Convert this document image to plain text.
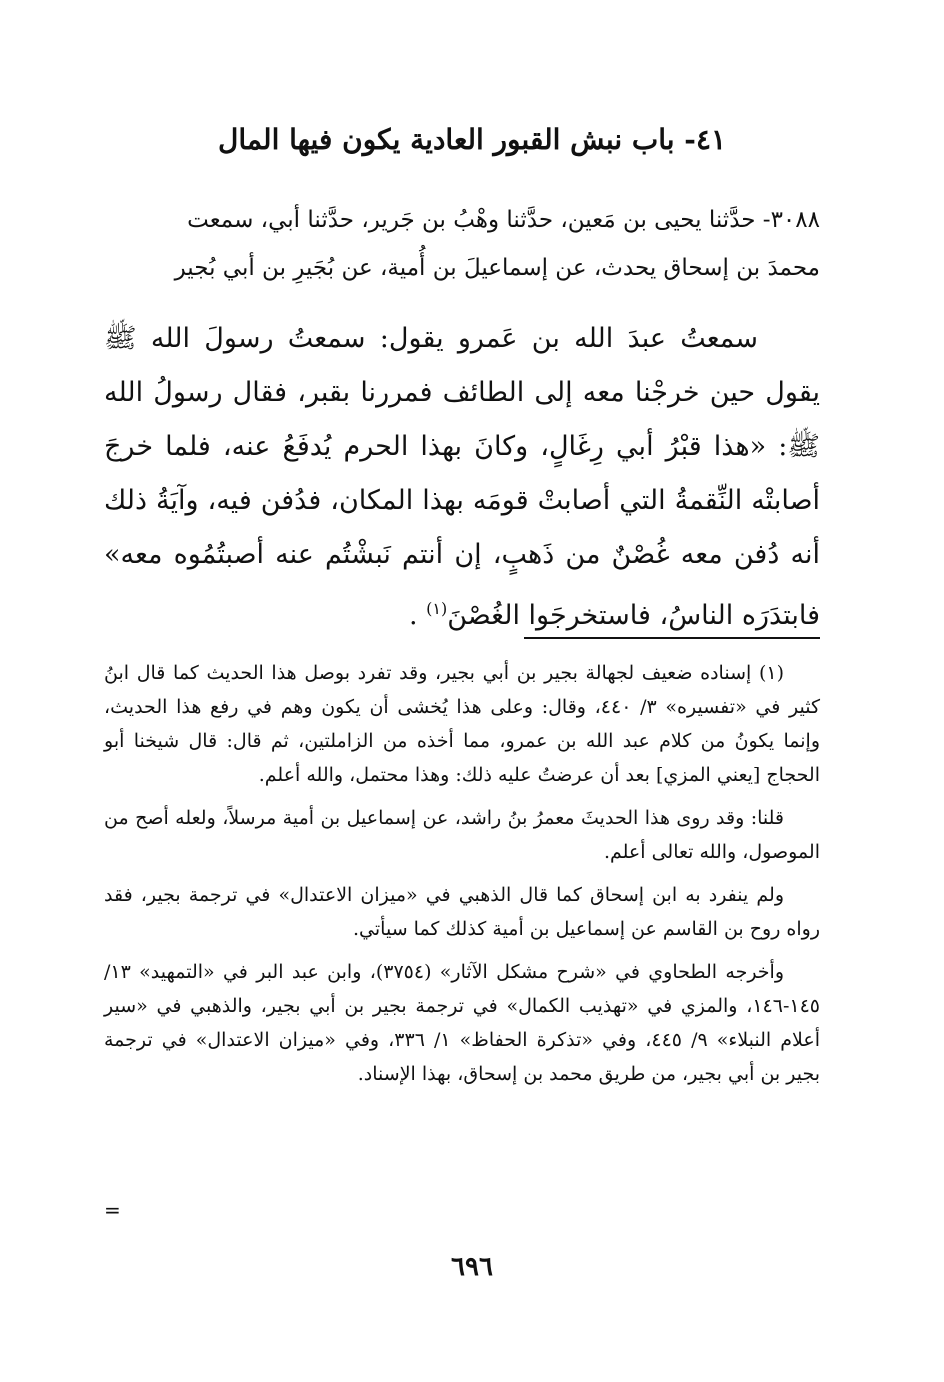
٤١- باب نبش القبور العادية يكون فيها المال

٣٠٨٨- حدَّثنا يحيى بن مَعين، حدَّثنا وهْبُ بن جَرير، حدَّثنا أبي، سمعت

محمدَ بن إسحاق يحدث، عن إسماعيلَ بن أُمية، عن بُجَيرِ بن أبي بُجير

سمعتُ عبدَ الله بن عَمرو يقول: سمعتُ رسولَ الله ﷺ يقول حين خرجْنا معه إلى الطائف فمررنا بقبر، فقال رسولُ الله ﷺ: «هذا قبْرُ أبي رِغَالٍ، وكانَ بهذا الحرم يُدفَعُ عنه، فلما خرجَ أصابتْه النِّقمةُ التي أصابتْ قومَه بهذا المكان، فدُفن فيه، وآيَةُ ذلك أنه دُفن معه غُصْنٌ من ذَهبٍ، إن أنتم نَبشْتُم عنه أصبتُمُوه معه» فابتدَرَه الناسُ، فاستخرجَوا الغُصْنَ$^{(١)}$ .

(١) إسناده ضعيف لجهالة بجير بن أبي بجير، وقد تفرد بوصل هذا الحديث كما قال ابنُ كثير في «تفسيره» ٣/ ٤٤٠، وقال: وعلى هذا يُخشى أن يكون وهم في رفع هذا الحديث، وإنما يكونُ من كلام عبد الله بن عمرو، مما أخذه من الزاملتين، ثم قال: قال شيخنا أبو الحجاج [يعني المزي] بعد أن عرضتُ عليه ذلك: وهذا محتمل، والله أعلم.

قلنا: وقد روى هذا الحديثَ معمرُ بنُ راشد، عن إسماعيل بن أمية مرسلاً، ولعله أصح من الموصول، والله تعالى أعلم.

ولم ينفرد به ابن إسحاق كما قال الذهبي في «ميزان الاعتدال» في ترجمة بجير، فقد رواه روح بن القاسم عن إسماعيل بن أمية كذلك كما سيأتي.

وأخرجه الطحاوي في «شرح مشكل الآثار» (٣٧٥٤)، وابن عبد البر في «التمهيد» ١٣/ ١٤٥-١٤٦، والمزي في «تهذيب الكمال» في ترجمة بجير بن أبي بجير، والذهبي في «سير أعلام النبلاء» ٩/ ٤٤٥، وفي «تذكرة الحفاظ» ١/ ٣٣٦، وفي «ميزان الاعتدال» في ترجمة بجير بن أبي بجير، من طريق محمد بن إسحاق، بهذا الإسناد.

=
٦٩٦
